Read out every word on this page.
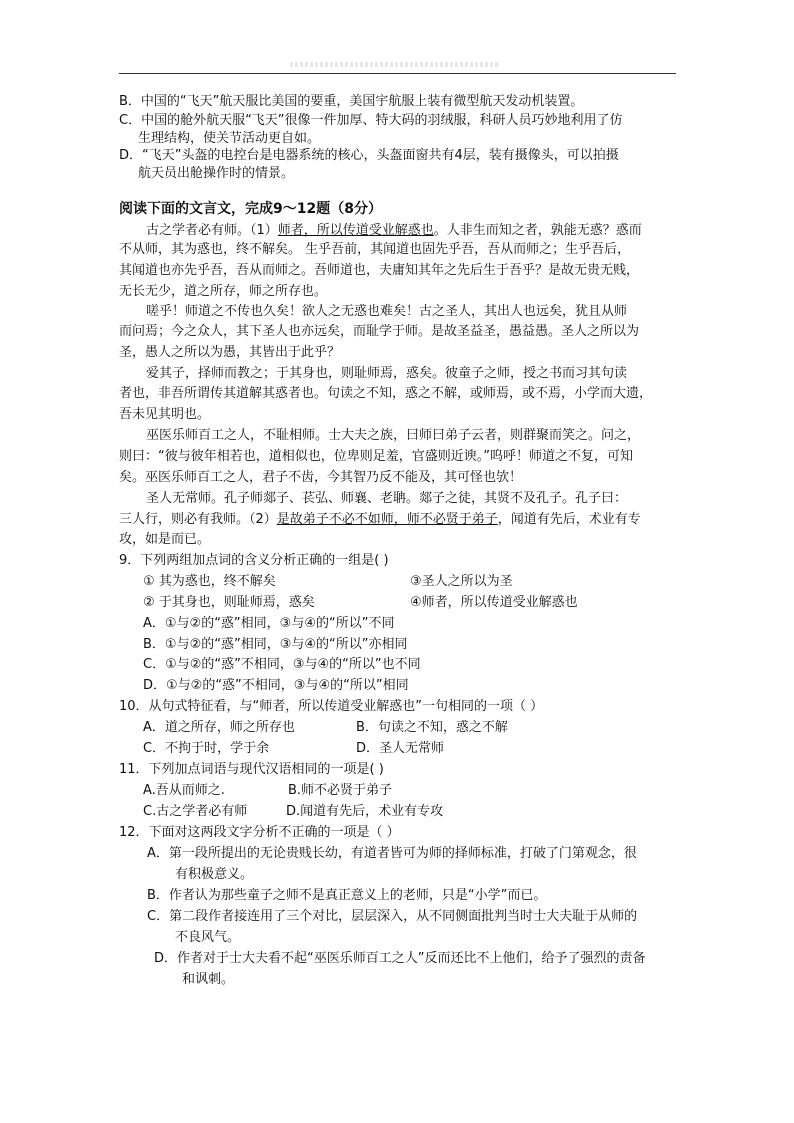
B．中国的“飞天”航天服比美国的要重，美国宇航服上装有微型航天发动机装置。
C．中国的舱外航天服“飞天”很像一件加厚、特大码的羽绒服，科研人员巧妙地利用了仿
生理结构，使关节活动更自如。
D．“飞天”头盔的电控台是电器系统的核心，头盔面窗共有4层，装有摄像头，可以拍摄
航天员出舱操作时的情景。
阅读下面的文言文，完成9～12题（8分）
古之学者必有师。（1）师者，所以传道受业解惑也。人非生而知之者，孰能无惑？惑而
不从师，其为惑也，终不解矣。 生乎吾前，其闻道也固先乎吾，吾从而师之；生乎吾后，
其闻道也亦先乎吾，吾从而师之。吾师道也，夫庸知其年之先后生于吾乎？是故无贵无贱，
无长无少，道之所存，师之所存也。
嗟乎！师道之不传也久矣！欲人之无惑也难矣！古之圣人，其出人也远矣，犹且从师
而问焉；今之众人，其下圣人也亦远矣，而耻学于师。是故圣益圣，愚益愚。圣人之所以为
圣，愚人之所以为愚，其皆出于此乎？
爱其子，择师而教之；于其身也，则耻师焉，惑矣。彼童子之师，授之书而习其句读
者也，非吾所谓传其道解其惑者也。句读之不知，惑之不解，或师焉，或不焉，小学而大遗，
吾未见其明也。
巫医乐师百工之人，不耻相师。士大夫之族，曰师曰弟子云者，则群聚而笑之。问之，
则曰：“彼与彼年相若也，道相似也，位卑则足羞，官盛则近谀。”呜呼！师道之不复，可知
矣。巫医乐师百工之人，君子不齿，今其智乃反不能及，其可怪也欤！
圣人无常师。孔子师郯子、苌弘、师襄、老聃。郯子之徒，其贤不及孔子。孔子曰：
三人行，则必有我师。（2）是故弟子不必不如师，师不必贤于弟子，闻道有先后，术业有专
攻，如是而已。
9．下列两组加点词的含义分析正确的一组是( )
① 其为惑也，终不解矣	③圣人之所以为圣
② 于其身也，则耻师焉，惑矣	④师者，所以传道受业解惑也
A．①与②的“惑”相同，③与④的“所以”不同
B．①与②的“惑”相同，③与④的“所以”亦相同
C．①与②的“惑”不相同，③与④的“所以”也不同
D．①与②的“惑”不相同，③与④的“所以”相同
10．从句式特征看，与“师者，所以传道受业解惑也”一句相同的一项（ ）
A．道之所存，师之所存也	B．句读之不知，惑之不解
C．不拘于时，学于余	D．圣人无常师
11．下列加点词语与现代汉语相同的一项是( )
A.吾从而师之.	B.师不必贤于弟子
C.古之学者必有师	D.闻道有先后，术业有专攻
12．下面对这两段文字分析不正确的一项是（ ）
A．第一段所提出的无论贵贱长幼，有道者皆可为师的择师标准，打破了门第观念，很
有积极意义。
B．作者认为那些童子之师不是真正意义上的老师，只是“小学”而已。
C．第二段作者接连用了三个对比，层层深入，从不同侧面批判当时士大夫耻于从师的
不良风气。
D．作者对于士大夫看不起“巫医乐师百工之人”反而还比不上他们，给予了强烈的责备
和讽刺。
